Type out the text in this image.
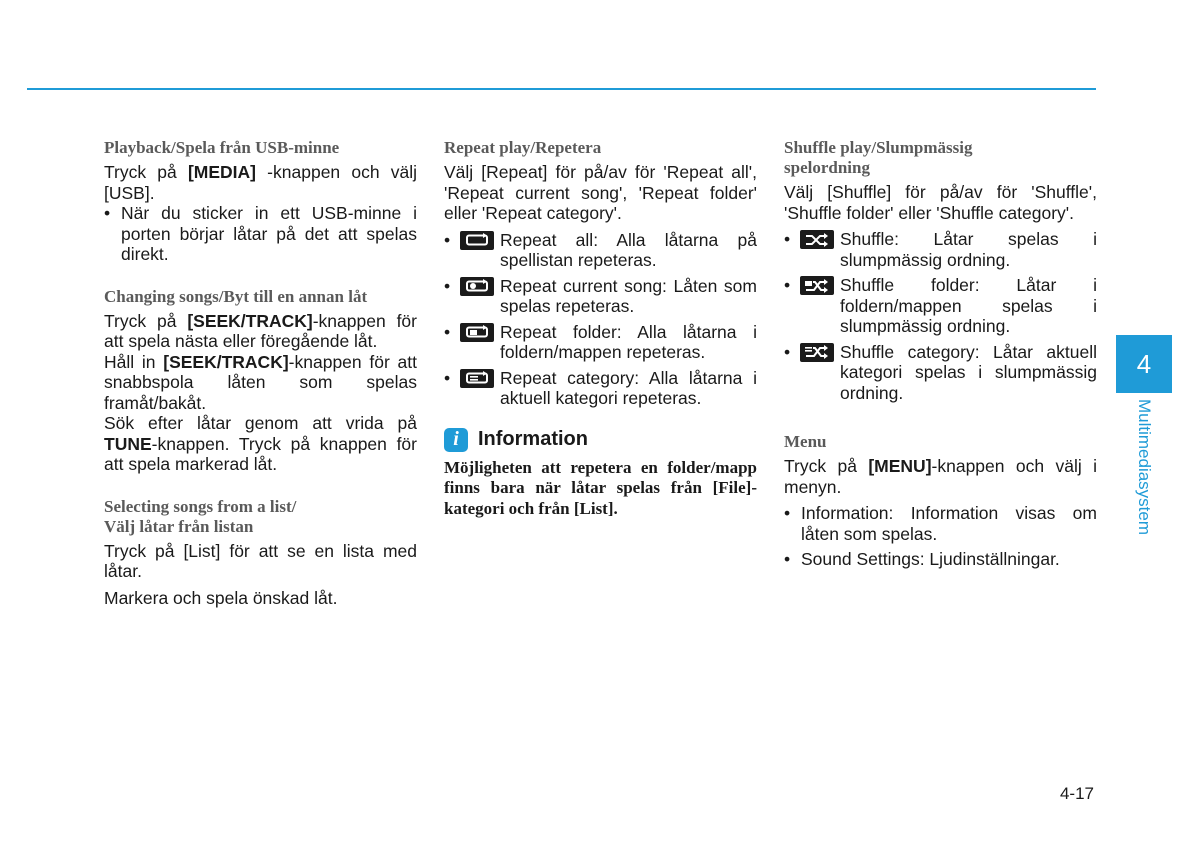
Playback/Spela från USB-minne

Tryck på [MEDIA] -knappen och välj [USB].

• När du sticker in ett USB-minne i porten börjar låtar på det att spelas direkt.
Changing songs/Byt till en annan låt

Tryck på [SEEK/TRACK]-knappen för att spela nästa eller föregående låt.

Håll in [SEEK/TRACK]-knappen för att snabbspola låten som spelas framåt/bakåt.

Sök efter låtar genom att vrida på TUNE-knappen. Tryck på knappen för att spela markerad låt.

Selecting songs from a list/
Välj låtar från listan

Tryck på [List] för att se en lista med låtar.

Markera och spela önskad låt.

Repeat play/Repetera

Välj [Repeat] för på/av för 'Repeat all', 'Repeat current song', 'Repeat folder' eller 'Repeat category'.

•	Repeat all: Alla låtarna på spellistan repeteras.
•	Repeat current song: Låten som spelas repeteras.
•	Repeat folder: Alla låtarna i foldern/mappen repeteras.
•	Repeat category: Alla låtarna i aktuell kategori repeteras.
i Information
Möjligheten att repetera en folder/mapp finns bara när låtar spelas från [File]-kategori och från [List].
Shuffle play/Slumpmässig
spelordning

Välj [Shuffle] för på/av för 'Shuffle', 'Shuffle folder' eller 'Shuffle category'.

•	Shuffle: Låtar spelas i slumpmässig ordning.
•	Shuffle folder: Låtar i foldern/mappen spelas i slumpmässig ordning.
•	Shuffle category: Låtar aktuell kategori spelas i slumpmässig ordning.
Menu

Tryck på [MENU]-knappen och välj i menyn.

• Information: Information visas om låten som spelas.
• Sound Settings: Ljudinställningar.
4
Multimediasystem
4-17
